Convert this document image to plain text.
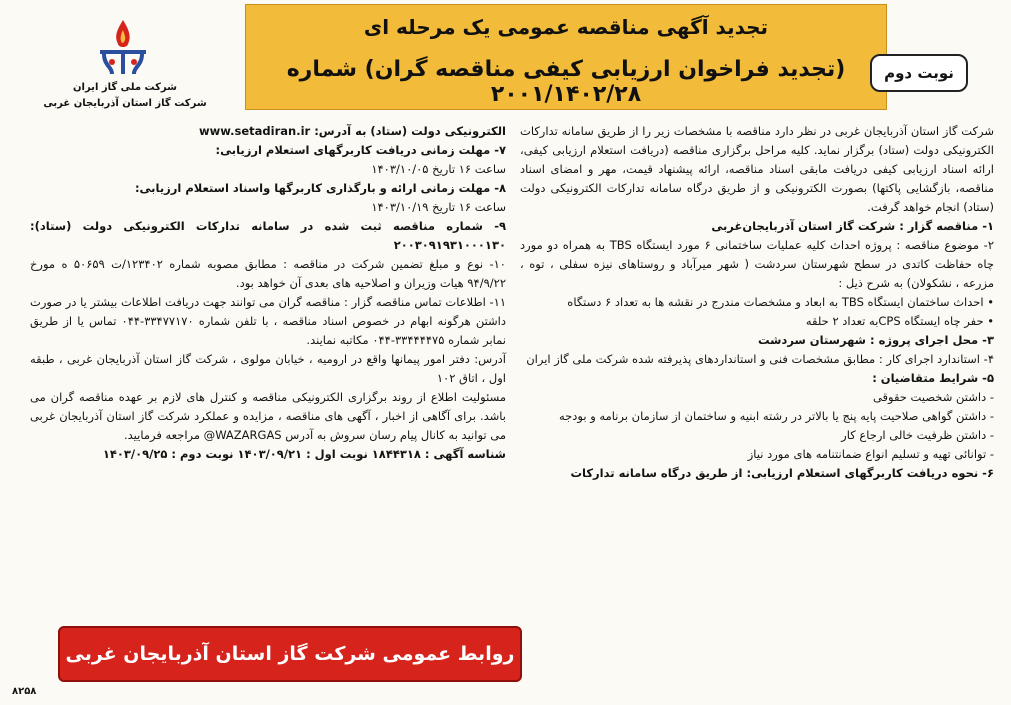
تجدید آگهی مناقصه عمومی یک مرحله ای
(تجدید فراخوان ارزیابی کیفی مناقصه گران) شماره ۲۰۰۱/۱۴۰۲/۲۸
نوبت دوم
شرکت ملی گاز ایران
شرکت گاز استان آذربایجان غربی

شرکت گاز استان آذربایجان غربی در نظر دارد مناقصه با مشخصات زیر را از طریق سامانه تدارکات الکترونیکی دولت (ستاد) برگزار نماید. کلیه مراحل برگزاری مناقصه (دریافت استعلام ارزیابی کیفی، ارائه اسناد ارزیابی کیفی دریافت مابقی اسناد مناقصه، ارائه پیشنهاد قیمت، مهر و امضای اسناد مناقصه، بازگشایی پاکتها) بصورت الکترونیکی و از طریق درگاه سامانه تدارکات الکترونیکی دولت (ستاد) انجام خواهد گرفت.

۱- مناقصه گزار : شرکت گاز استان آذربایجان‌غربی

۲- موضوع مناقصه : پروژه احداث کلیه عملیات ساختمانی ۶ مورد ایستگاه TBS به همراه دو مورد چاه حفاظت کاتدی در سطح شهرستان سردشت ( شهر میرآباد و روستاهای نیزه سفلی ، توه ، مزرعه ، نشکولان) به شرح ذیل :

• احداث ساختمان ایستگاه TBS به ابعاد و مشخصات مندرج در نقشه ها به تعداد ۶ دستگاه

• حفر چاه ایستگاه CPSبه تعداد ۲ حلقه

۳- محل اجرای پروژه : شهرستان سردشت

۴- استاندارد اجرای کار : مطابق مشخصات فنی و استانداردهای پذیرفته شده شرکت ملی گاز ایران

۵- شرایط متقاضیان :

- داشتن شخصیت حقوقی

- داشتن گواهی صلاحیت پایه پنج یا بالاتر در رشته ابنیه و ساختمان از سازمان برنامه و بودجه

- داشتن ظرفیت خالی ارجاع کار

- توانائی تهیه و تسلیم انواع ضمانتنامه های مورد نیاز

۶- نحوه دریافت کاربرگهای استعلام ارزیابی: از طریق درگاه سامانه تدارکات

الکترونیکی دولت (ستاد) به آدرس: www.setadiran.ir

۷- مهلت زمانی دریافت کاربرگهای استعلام ارزیابی:

ساعت ۱۶ تاریخ ۱۴۰۳/۱۰/۰۵

۸- مهلت زمانی ارائه و بارگذاری کاربرگها واسناد استعلام ارزیابی:

ساعت ۱۶ تاریخ ۱۴۰۳/۱۰/۱۹

۹- شماره مناقصه ثبت شده در سامانه تدارکات الکترونیکی دولت (ستاد): ۲۰۰۳۰۹۱۹۳۱۰۰۰۱۳۰

۱۰- نوع و مبلغ تضمین شرکت در مناقصه : مطابق مصوبه شماره ۱۲۳۴۰۲/ت ۵۰۶۵۹ ه مورخ ۹۴/۹/۲۲ هیات وزیران و اصلاحیه های بعدی آن خواهد بود.

۱۱- اطلاعات تماس مناقصه گزار : مناقصه گران می توانند جهت دریافت اطلاعات بیشتر یا در صورت داشتن هرگونه ابهام در خصوص اسناد مناقصه ، با تلفن شماره ۳۳۴۷۷۱۷۰-۰۴۴ تماس یا از طریق نمابر شماره ۳۳۴۴۴۴۷۵-۰۴۴ مکاتبه نمایند.

آدرس: دفتر امور پیمانها واقع در ارومیه ، خیابان مولوی ، شرکت گاز استان آذربایجان غربی ، طبقه اول ، اتاق ۱۰۲

مسئولیت اطلاع از روند برگزاری الکترونیکی مناقصه و کنترل های لازم بر عهده مناقصه گران می باشد. برای آگاهی از اخبار ، آگهی های مناقصه ، مزایده و عملکرد شرکت گاز استان آذربایجان غربی می توانید به کانال پیام رسان سروش به آدرس WAZARGAS@ مراجعه فرمایید.

شناسه آگهی : ۱۸۴۴۳۱۸ نوبت اول : ۱۴۰۳/۰۹/۲۱ نوبت دوم : ۱۴۰۳/۰۹/۲۵

روابط عمومی شرکت گاز استان آذربایجان غربی
۸۲۵۸
